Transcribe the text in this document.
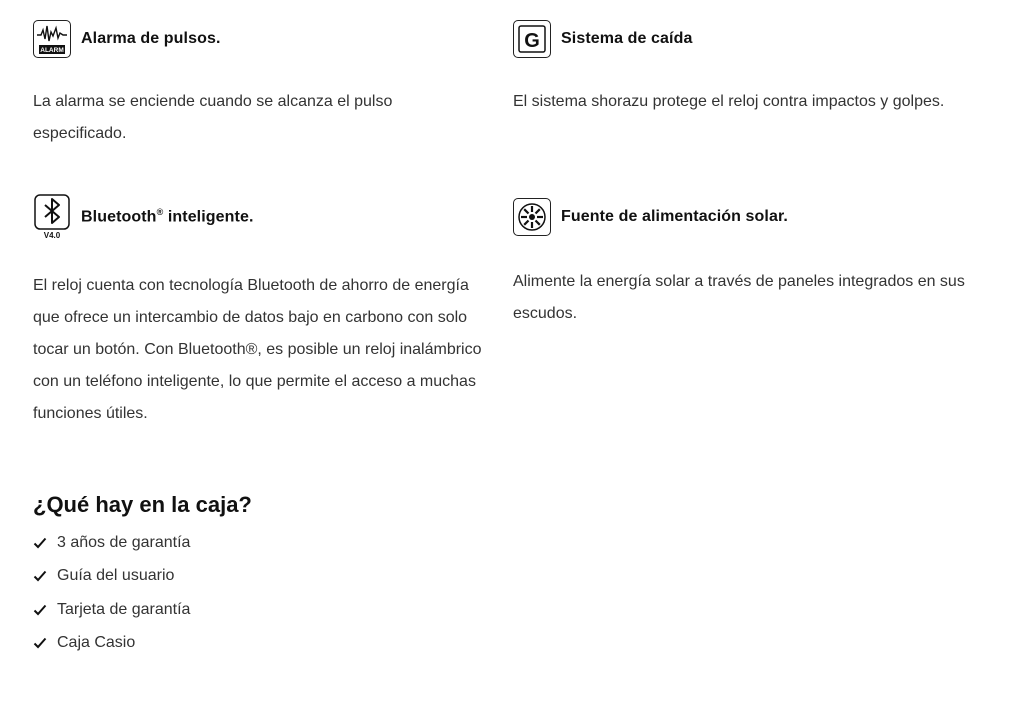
ALARM
Alarma de pulsos.

La alarma se enciende cuando se alcanza el pulso especificado.

G Sistema de caída

El sistema shorazu protege el reloj contra impactos y golpes.

V4.0
Bluetooth® inteligente.

El reloj cuenta con tecnología Bluetooth de ahorro de energía que ofrece un intercambio de datos bajo en carbono con solo tocar un botón. Con Bluetooth®, es posible un reloj inalámbrico con un teléfono inteligente, lo que permite el acceso a muchas funciones útiles.

Fuente de alimentación solar.

Alimente la energía solar a través de paneles integrados en sus escudos.

¿Qué hay en la caja?
3 años de garantía
Guía del usuario
Tarjeta de garantía
Caja Casio
